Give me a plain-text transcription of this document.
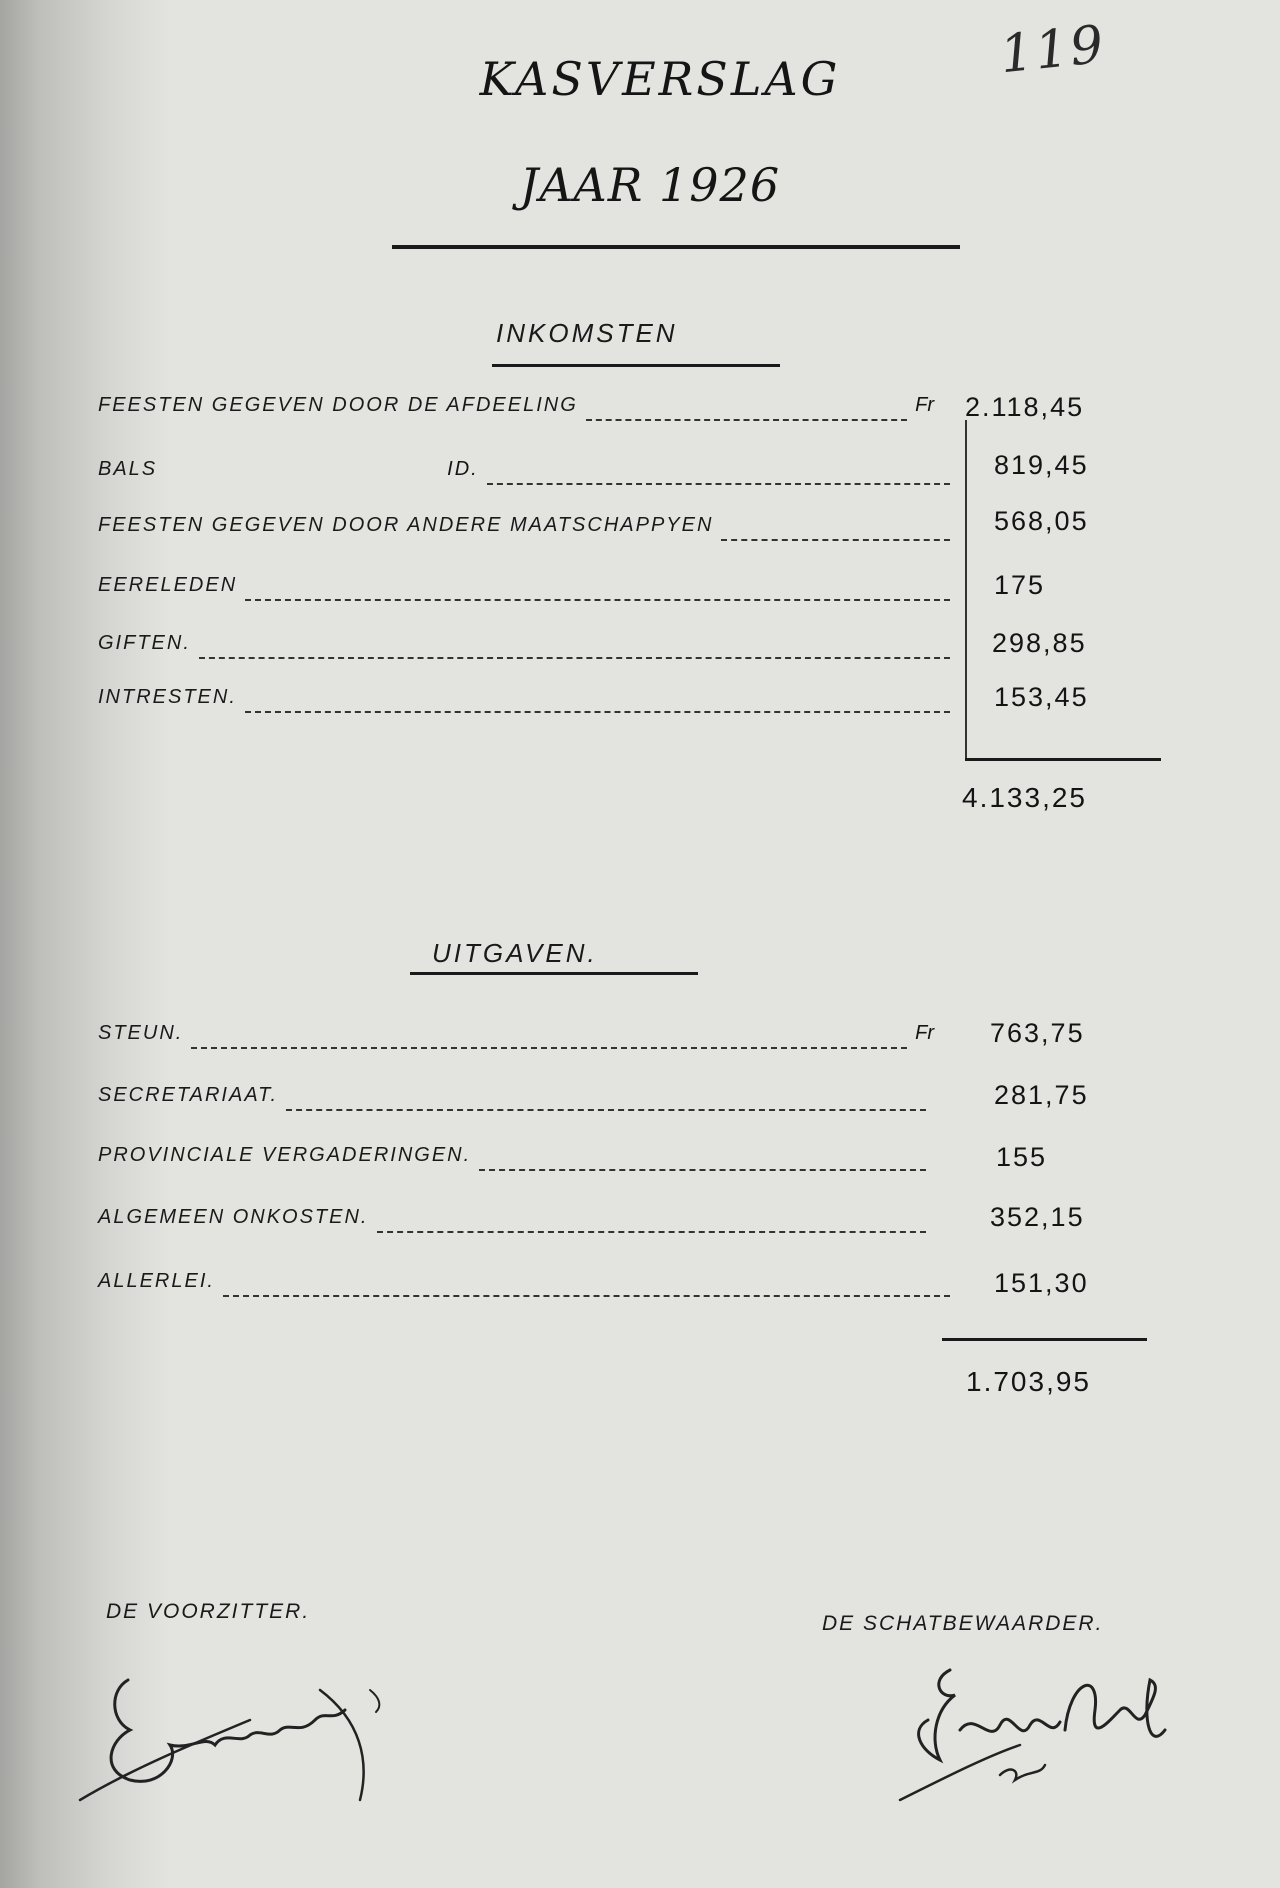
119
KASVERSLAG
JAAR 1926
INKOMSTEN
FEESTEN GEGEVEN DOOR DE AFDEELING	Fr 2.118,45
BALS	ID.	819,45
FEESTEN GEGEVEN DOOR ANDERE MAATSCHAPPYEN	568,05
EERELEDEN	175
GIFTEN.	298,85
INTRESTEN.	153,45
4.133,25
UITGAVEN.
STEUN.	Fr 763,75
SECRETARIAAT.	281,75
PROVINCIALE VERGADERINGEN.	155
ALGEMEEN ONKOSTEN.	352,15
ALLERLEI.	151,30
1.703,95
DE VOORZITTER.
DE SCHATBEWAARDER.
